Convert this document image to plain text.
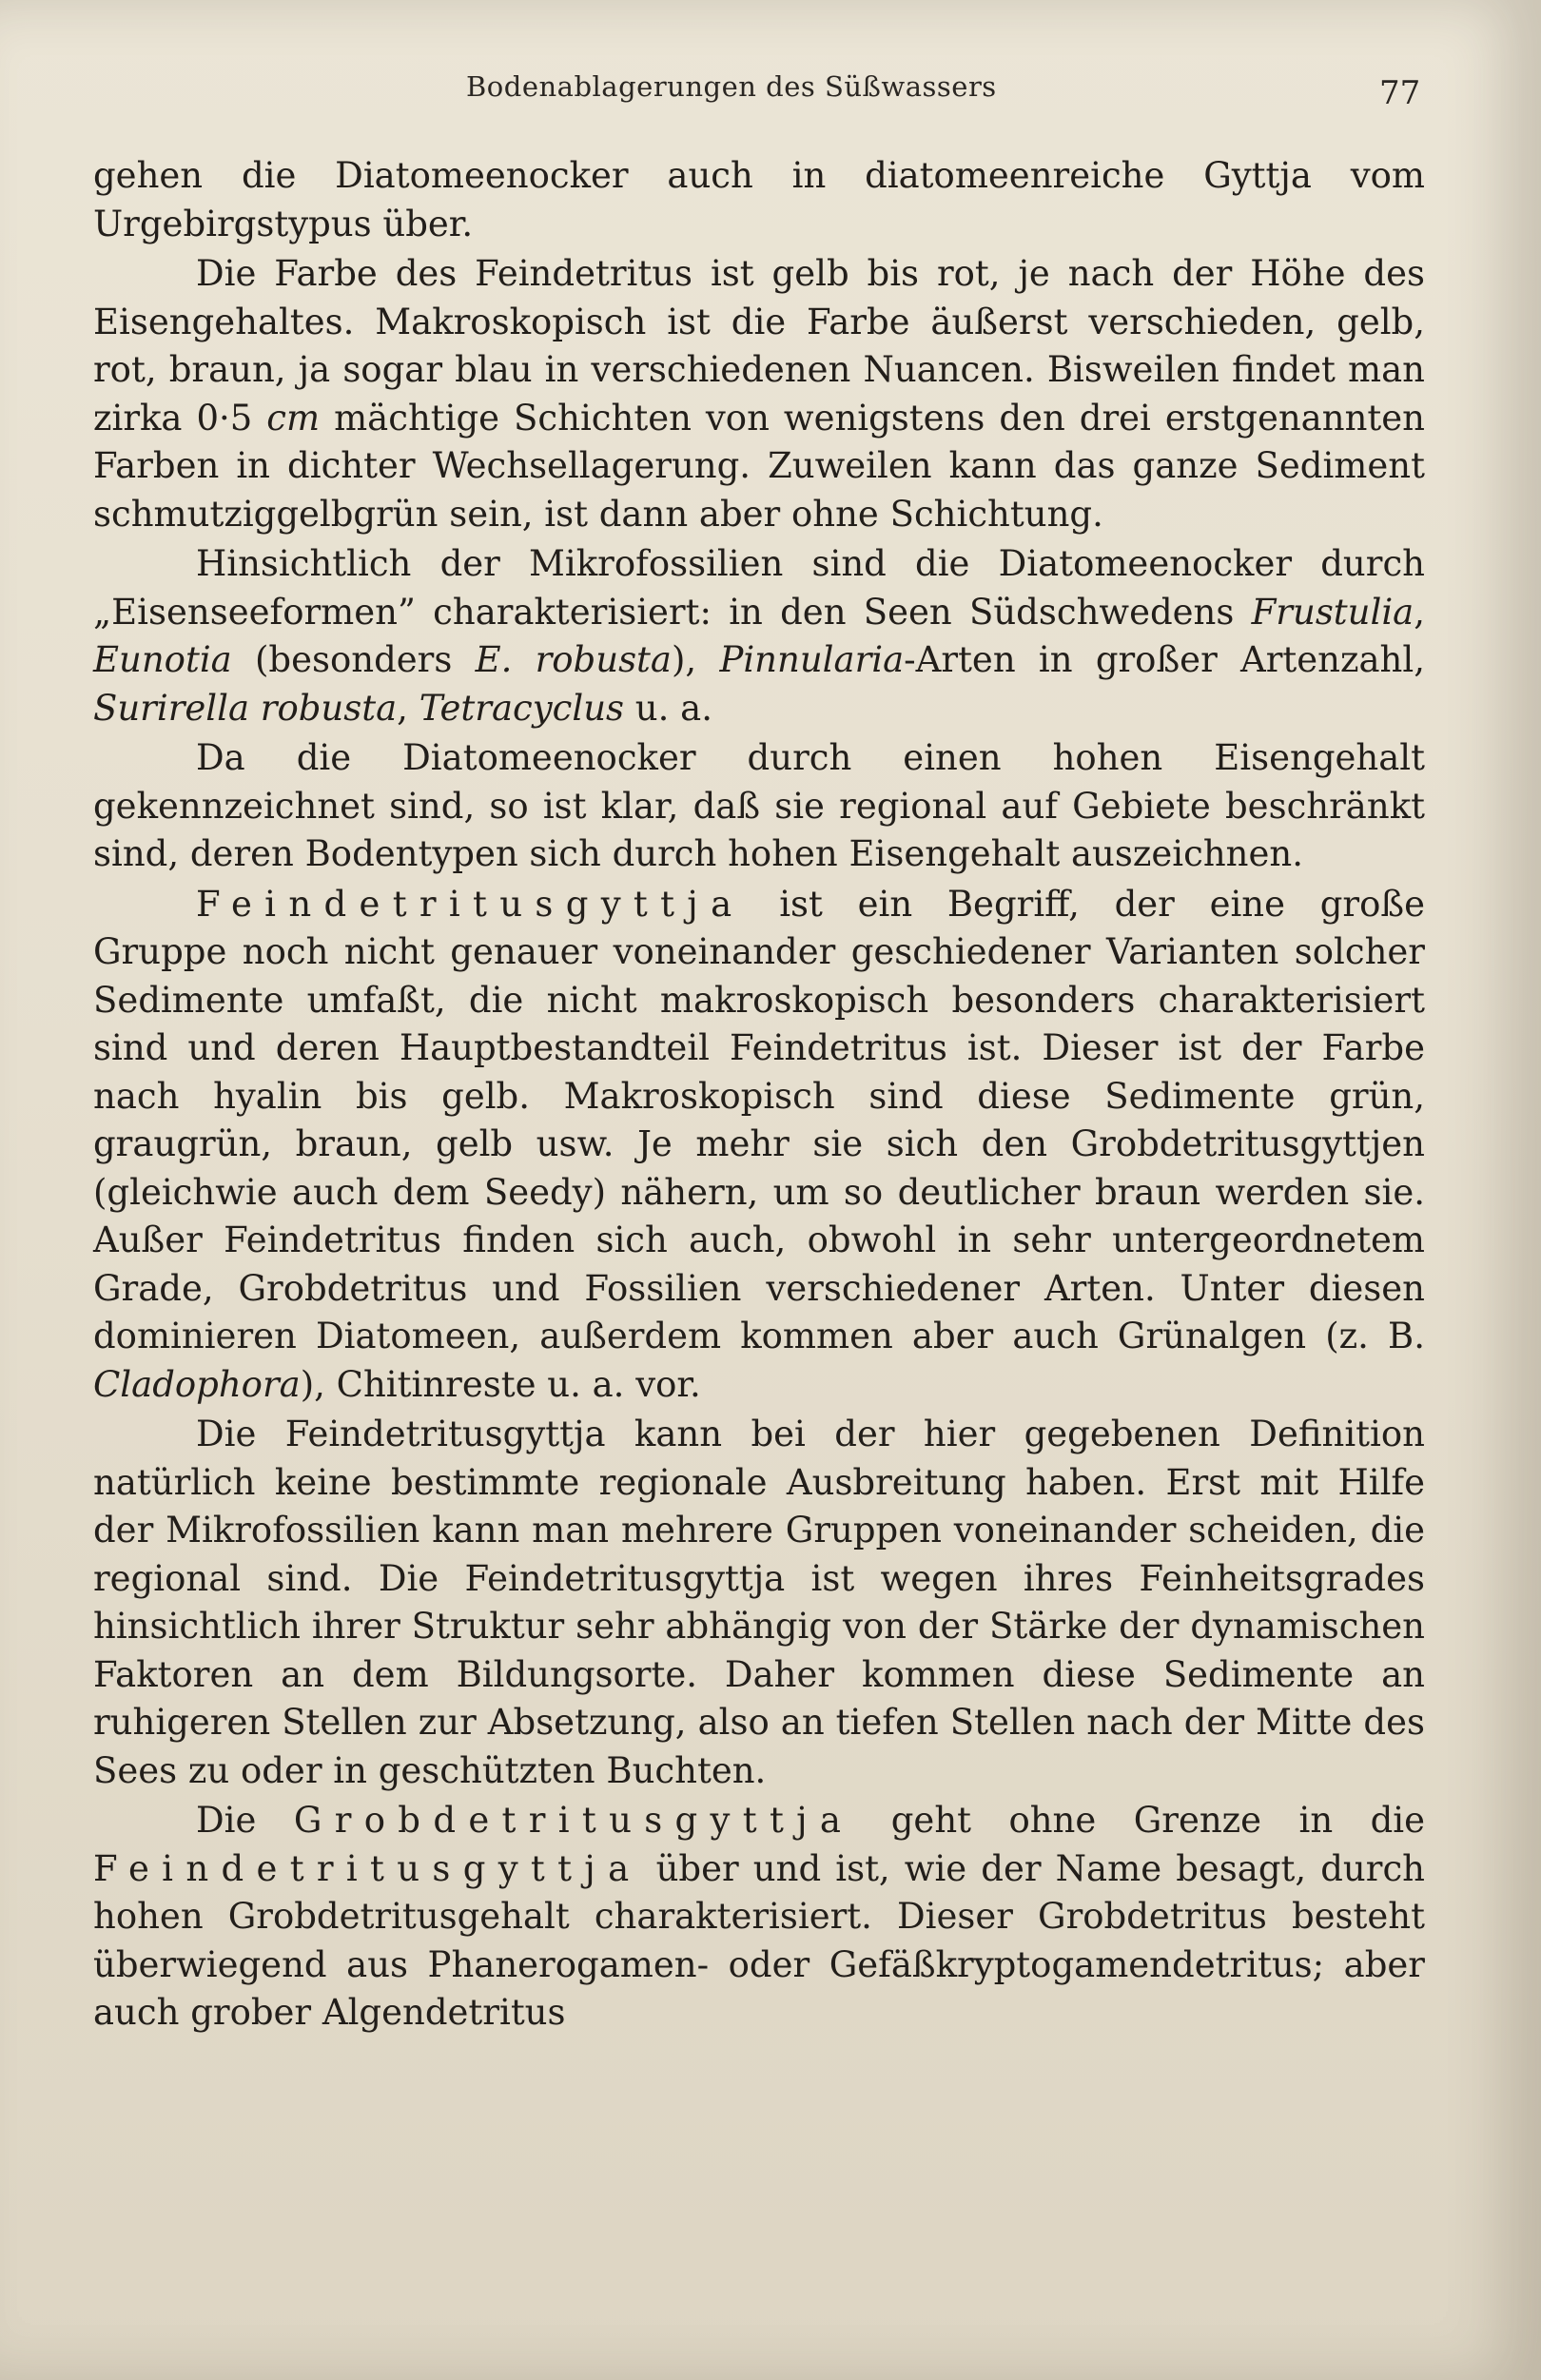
Bodenablagerungen des Süßwassers	77

gehen die Diatomeenocker auch in diatomeenreiche Gyttja vom Urgebirgstypus über.

Die Farbe des Feindetritus ist gelb bis rot, je nach der Höhe des Eisengehaltes. Makroskopisch ist die Farbe äußerst verschieden, gelb, rot, braun, ja sogar blau in verschiedenen Nuancen. Bisweilen findet man zirka 0·5 cm mächtige Schichten von wenigstens den drei erstgenannten Farben in dichter Wechsellagerung. Zuweilen kann das ganze Sediment schmutziggelbgrün sein, ist dann aber ohne Schichtung.

Hinsichtlich der Mikrofossilien sind die Diatomeenocker durch „Eisenseeformen” charakterisiert: in den Seen Südschwedens Frustulia, Eunotia (besonders E. robusta), Pinnularia-Arten in großer Artenzahl, Surirella robusta, Tetracyclus u. a.

Da die Diatomeenocker durch einen hohen Eisengehalt gekennzeichnet sind, so ist klar, daß sie regional auf Gebiete beschränkt sind, deren Bodentypen sich durch hohen Eisengehalt auszeichnen.

Feindetritusgyttja ist ein Begriff, der eine große Gruppe noch nicht genauer voneinander geschiedener Varianten solcher Sedimente umfaßt, die nicht makroskopisch besonders charakterisiert sind und deren Hauptbestandteil Feindetritus ist. Dieser ist der Farbe nach hyalin bis gelb. Makroskopisch sind diese Sedimente grün, graugrün, braun, gelb usw. Je mehr sie sich den Grobdetritusgyttjen (gleichwie auch dem Seedy) nähern, um so deutlicher braun werden sie. Außer Feindetritus finden sich auch, obwohl in sehr untergeordnetem Grade, Grobdetritus und Fossilien verschiedener Arten. Unter diesen dominieren Diatomeen, außerdem kommen aber auch Grünalgen (z. B. Cladophora), Chitinreste u. a. vor.

Die Feindetritusgyttja kann bei der hier gegebenen Definition natürlich keine bestimmte regionale Ausbreitung haben. Erst mit Hilfe der Mikrofossilien kann man mehrere Gruppen voneinander scheiden, die regional sind. Die Feindetritusgyttja ist wegen ihres Feinheitsgrades hinsichtlich ihrer Struktur sehr abhängig von der Stärke der dynamischen Faktoren an dem Bildungsorte. Daher kommen diese Sedimente an ruhigeren Stellen zur Absetzung, also an tiefen Stellen nach der Mitte des Sees zu oder in geschützten Buchten.

Die Grobdetritusgyttja geht ohne Grenze in die Feindetritusgyttja über und ist, wie der Name besagt, durch hohen Grobdetritusgehalt charakterisiert. Dieser Grobdetritus besteht überwiegend aus Phanerogamen- oder Gefäßkryptogamendetritus; aber auch grober Algendetritus
